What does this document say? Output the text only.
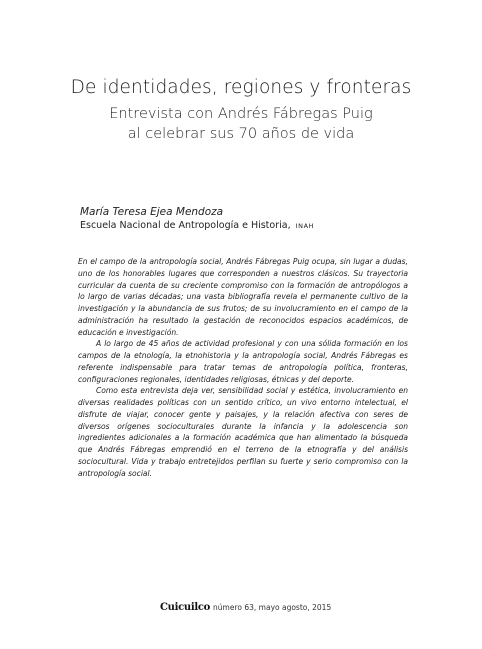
De identidades, regiones y fronteras

Entrevista con Andrés Fábregas Puig

al celebrar sus 70 años de vida

María Teresa Ejea Mendoza

Escuela Nacional de Antropología e Historia, INAH

En el campo de la antropología social, Andrés Fábregas Puig ocupa, sin lugar a dudas, uno de los honorables lugares que corresponden a nuestros clásicos. Su trayectoria curricular da cuenta de su creciente compromiso con la formación de antropólogos a lo largo de varias décadas; una vasta bibliografía revela el permanente cultivo de la investigación y la abundancia de sus frutos; de su involucramiento en el campo de la administración ha resultado la gestación de reconocidos espacios académicos, de educación e investigación.

A lo largo de 45 años de actividad profesional y con una sólida formación en los campos de la etnología, la etnohistoria y la antropología social, Andrés Fábregas es referente indispensable para tratar temas de antropología política, fronteras, configuraciones regionales, identidades religiosas, étnicas y del deporte.

Como esta entrevista deja ver, sensibilidad social y estética, involucramiento en diversas realidades políticas con un sentido crítico, un vivo entorno intelectual, el disfrute de viajar, conocer gente y paisajes, y la relación afectiva con seres de diversos orígenes socioculturales durante la infancia y la adolescencia son ingredientes adicionales a la formación académica que han alimentado la búsqueda que Andrés Fábregas emprendió en el terreno de la etnografía y del análisis sociocultural. Vida y trabajo entretejidos perfilan su fuerte y serio compromiso con la antropología social.

Cuicuilco número 63, mayo agosto, 2015
